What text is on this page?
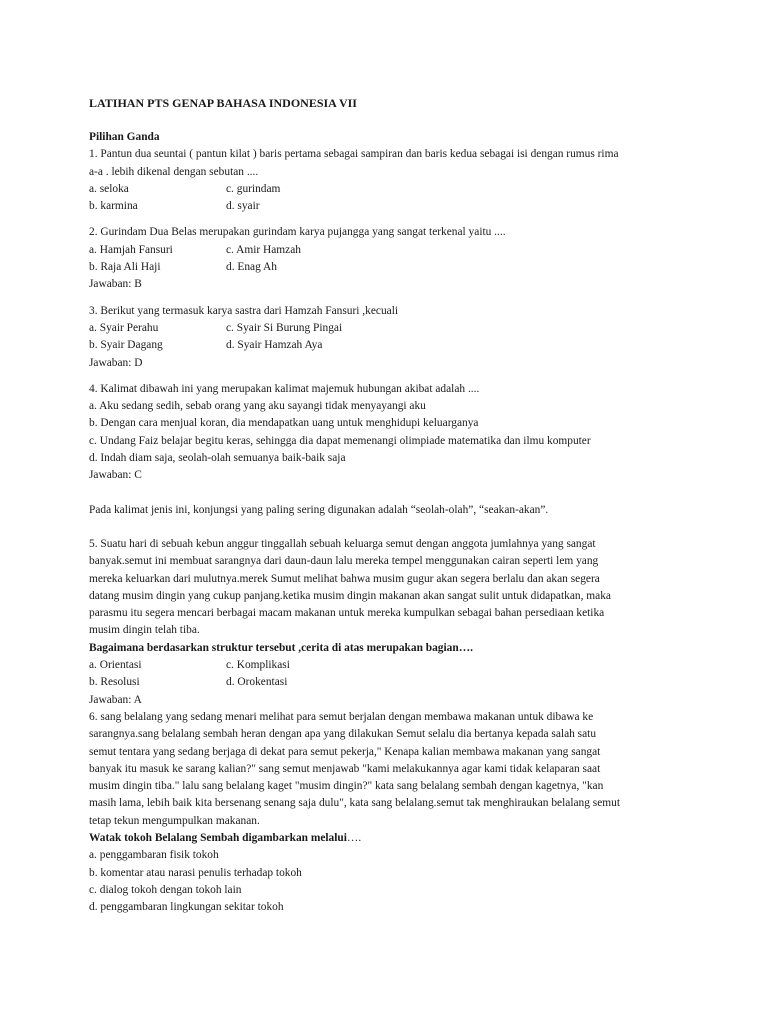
LATIHAN PTS GENAP BAHASA INDONESIA VII
Pilihan Ganda
1. Pantun dua seuntai ( pantun kilat ) baris pertama sebagai sampiran dan baris kedua sebagai isi dengan rumus rima
a-a . lebih dikenal dengan sebutan ....
a. seloka	c. gurindam
b. karmina	d. syair
2. Gurindam Dua Belas merupakan gurindam karya pujangga yang sangat terkenal yaitu ....
a. Hamjah Fansuri	c. Amir Hamzah
b. Raja Ali Haji	d. Enag Ah
Jawaban: B
3. Berikut yang termasuk karya sastra dari Hamzah Fansuri ,kecuali
a. Syair Perahu	c. Syair Si Burung Pingai
b. Syair Dagang	d. Syair Hamzah Aya
Jawaban: D
4. Kalimat dibawah ini yang merupakan kalimat majemuk hubungan akibat adalah ....
a. Aku sedang sedih, sebab orang yang aku sayangi tidak menyayangi aku
b. Dengan cara menjual koran, dia mendapatkan uang untuk menghidupi keluarganya
c. Undang Faiz belajar begitu keras, sehingga dia dapat memenangi olimpiade matematika dan ilmu komputer
d. Indah diam saja, seolah-olah semuanya baik-baik saja
Jawaban: C
Pada kalimat jenis ini, konjungsi yang paling sering digunakan adalah “seolah-olah”, “seakan-akan”.
5. Suatu hari di sebuah kebun anggur tinggallah sebuah keluarga semut dengan anggota jumlahnya yang sangat
banyak.semut ini membuat sarangnya dari daun-daun lalu mereka tempel menggunakan cairan seperti lem yang
mereka keluarkan dari mulutnya.merek Sumut melihat bahwa musim gugur akan segera berlalu dan akan segera
datang musim dingin yang cukup panjang.ketika musim dingin makanan akan sangat sulit untuk didapatkan, maka
parasmu itu segera mencari berbagai macam makanan untuk mereka kumpulkan sebagai bahan persediaan ketika
musim dingin telah tiba.
Bagaimana berdasarkan struktur tersebut ,cerita di atas merupakan bagian….
a. Orientasi	c. Komplikasi
b. Resolusi	d. Orokentasi
Jawaban: A
6. sang belalang yang sedang menari melihat para semut berjalan dengan membawa makanan untuk dibawa ke
sarangnya.sang belalang sembah heran dengan apa yang dilakukan Semut selalu dia bertanya kepada salah satu
semut tentara yang sedang berjaga di dekat para semut pekerja," Kenapa kalian membawa makanan yang sangat
banyak itu masuk ke sarang kalian?" sang semut menjawab "kami melakukannya agar kami tidak kelaparan saat
musim dingin tiba." lalu sang belalang kaget "musim dingin?" kata sang belalang sembah dengan kagetnya, "kan
masih lama, lebih baik kita bersenang senang saja dulu", kata sang belalang.semut tak menghiraukan belalang semut
tetap tekun mengumpulkan makanan.
Watak tokoh Belalang Sembah digambarkan melalui….
a. penggambaran fisik tokoh
b. komentar atau narasi penulis terhadap tokoh
c. dialog tokoh dengan tokoh lain
d. penggambaran lingkungan sekitar tokoh
